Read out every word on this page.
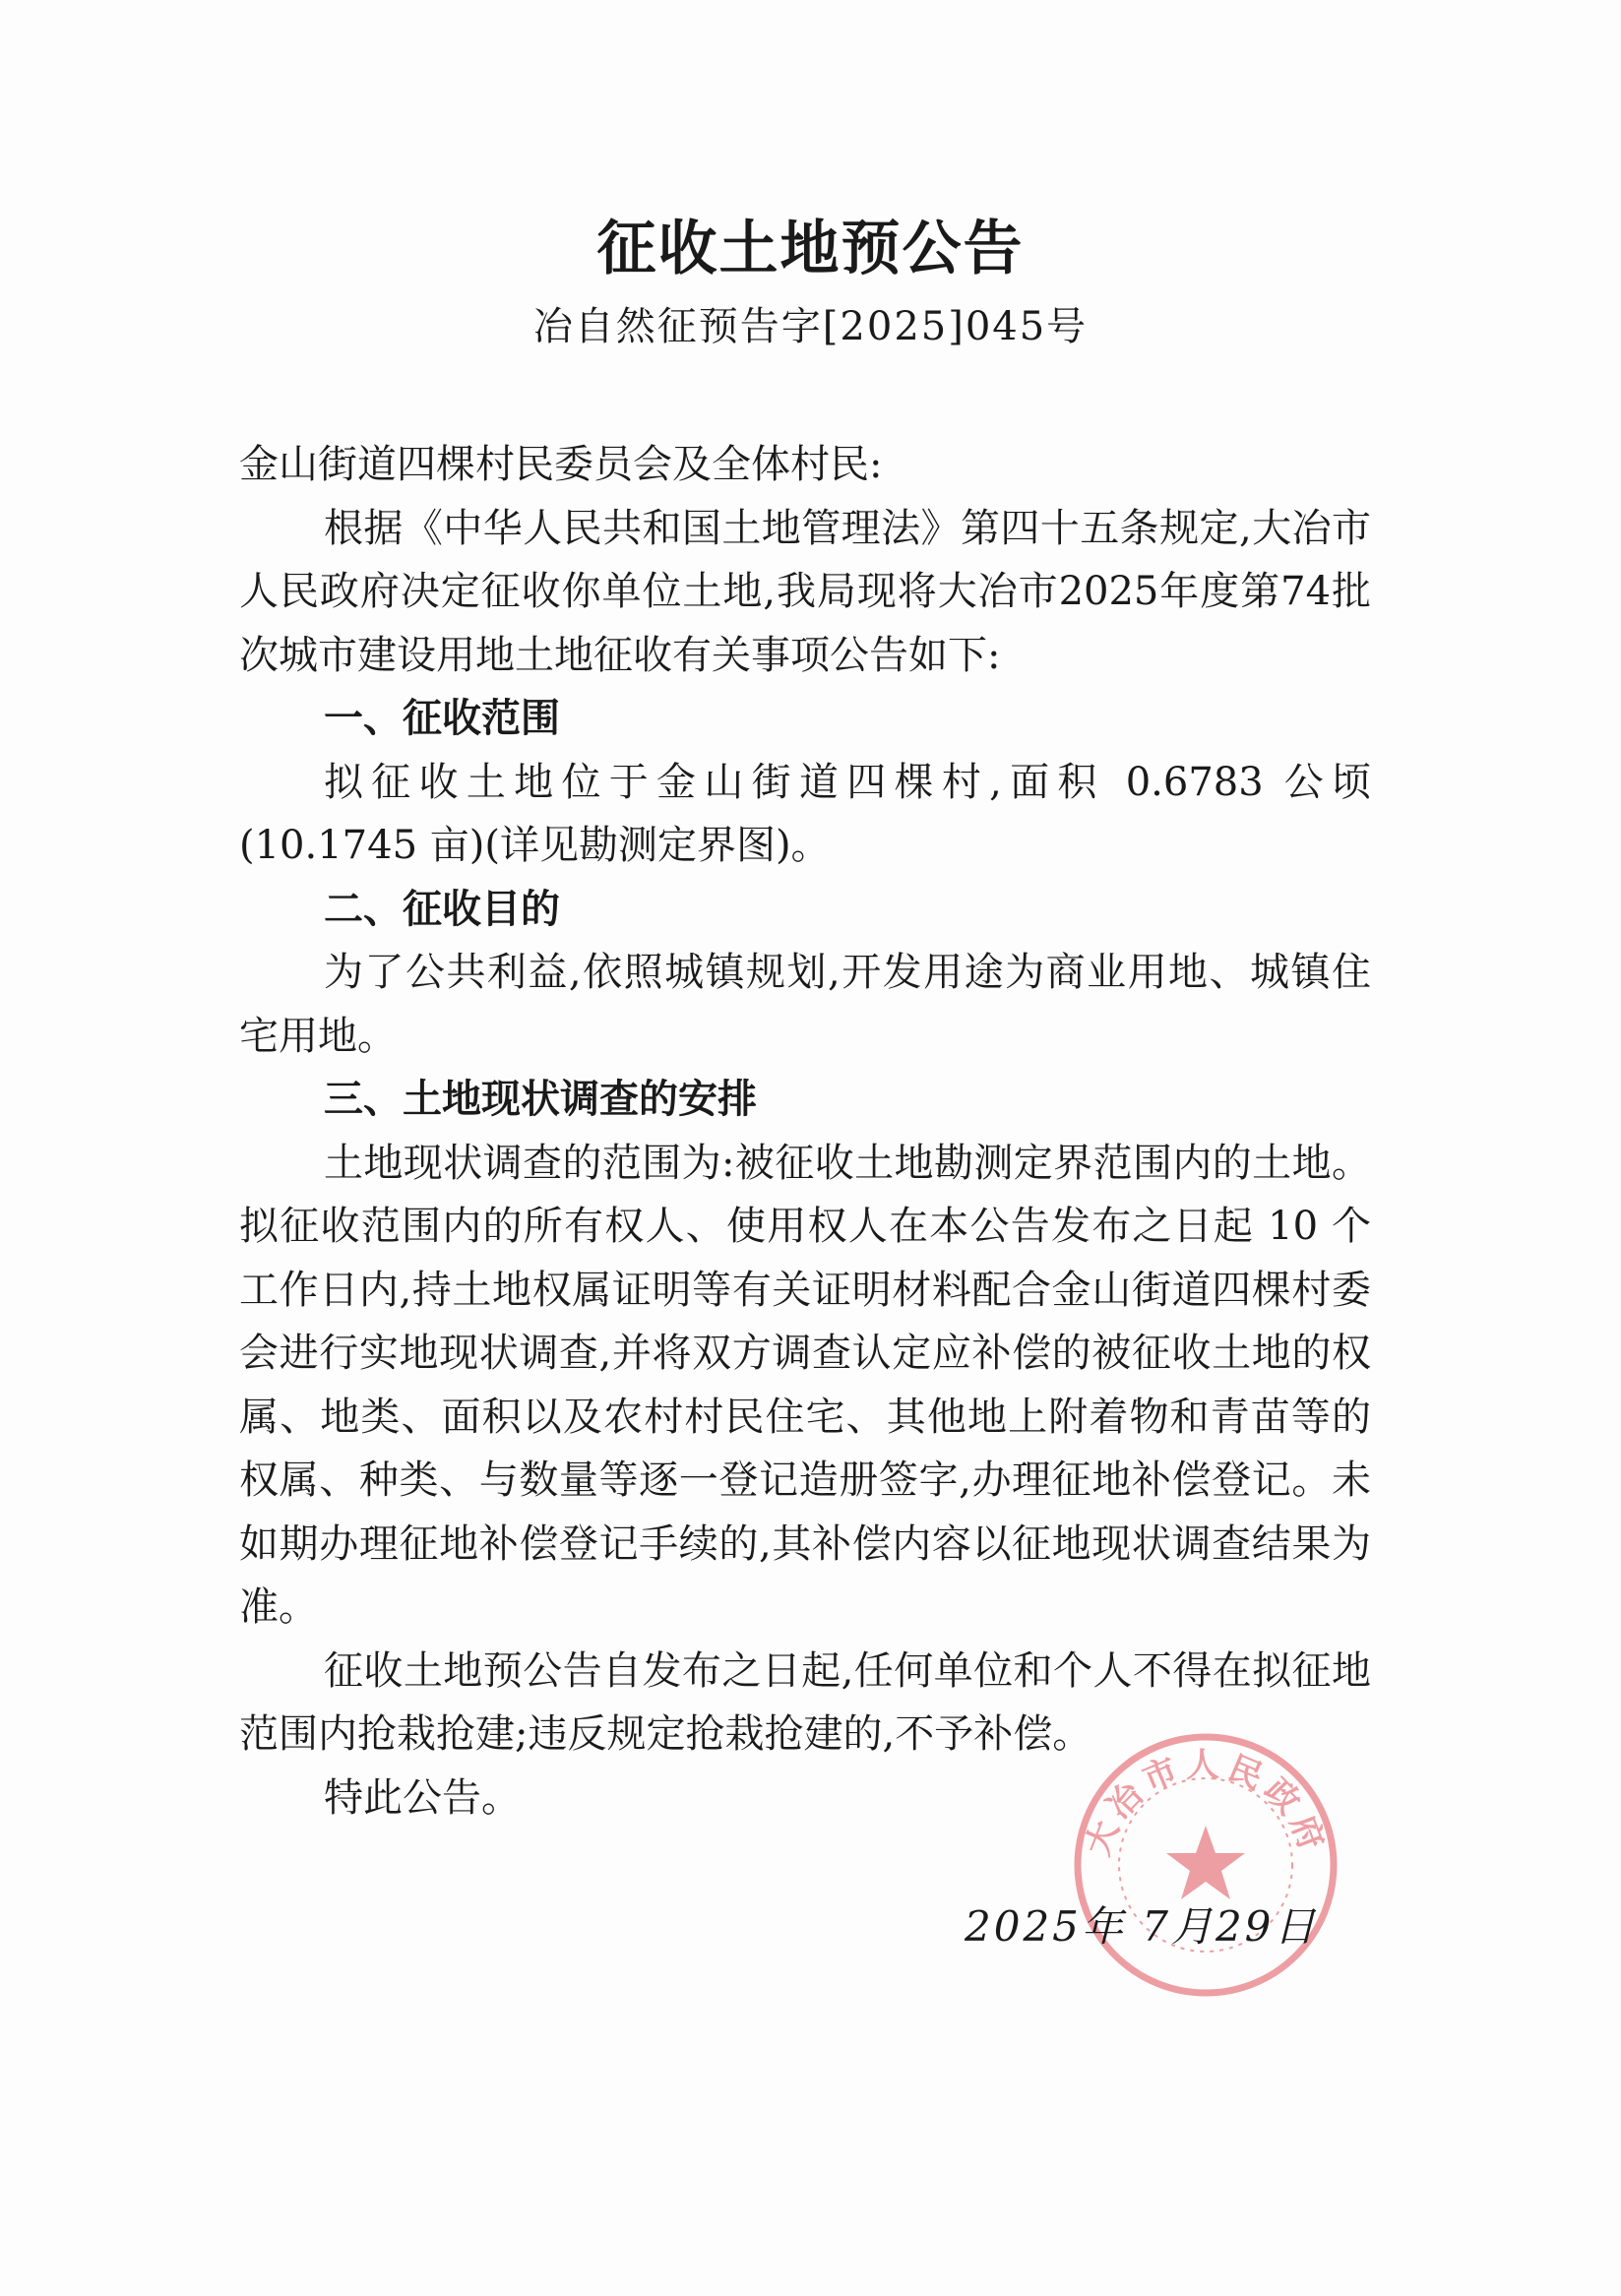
征收土地预公告

冶自然征预告字[2025]045号

金山街道四棵村民委员会及全体村民:

根据《中华人民共和国土地管理法》第四十五条规定,大冶市人民政府决定征收你单位土地,我局现将大冶市2025年度第74批次城市建设用地土地征收有关事项公告如下:

一、征收范围

拟征收土地位于金山街道四棵村,面积 0.6783 公顷(10.1745 亩)(详见勘测定界图)。

二、征收目的

为了公共利益,依照城镇规划,开发用途为商业用地、城镇住宅用地。

三、土地现状调查的安排

土地现状调查的范围为:被征收土地勘测定界范围内的土地。拟征收范围内的所有权人、使用权人在本公告发布之日起 10 个工作日内,持土地权属证明等有关证明材料配合金山街道四棵村委会进行实地现状调查,并将双方调查认定应补偿的被征收土地的权属、地类、面积以及农村村民住宅、其他地上附着物和青苗等的权属、种类、与数量等逐一登记造册签字,办理征地补偿登记。未如期办理征地补偿登记手续的,其补偿内容以征地现状调查结果为准。

征收土地预公告自发布之日起,任何单位和个人不得在拟征地范围内抢栽抢建;违反规定抢栽抢建的,不予补偿。

特此公告。

大冶市人民政府

2025年 7月29日
